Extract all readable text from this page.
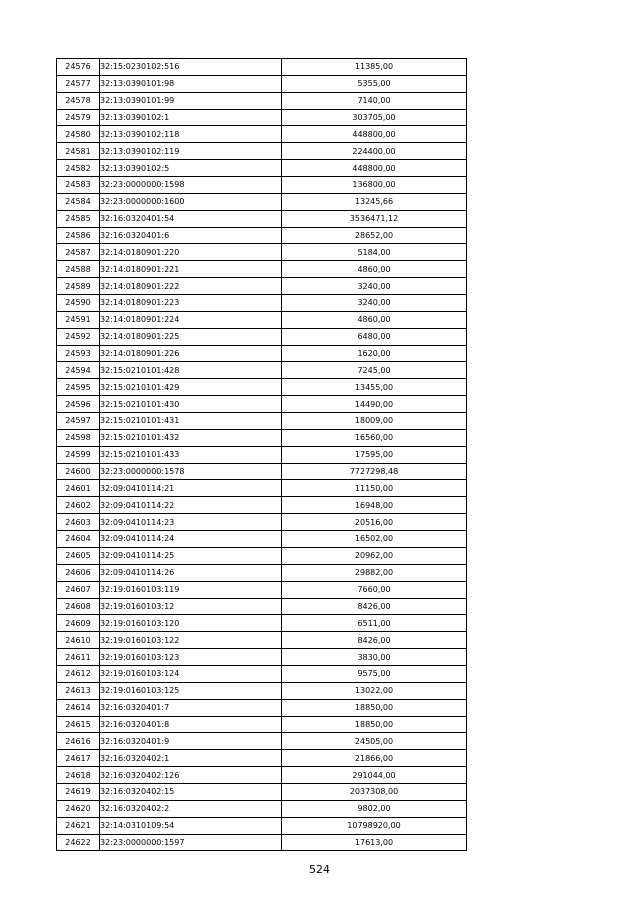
24576	32:15:0230102:516	11385,00
24577	32:13:0390101:98	5355,00
24578	32:13:0390101:99	7140,00
24579	32:13:0390102:1	303705,00
24580	32:13:0390102:118	448800,00
24581	32:13:0390102:119	224400,00
24582	32:13:0390102:5	448800,00
24583	32:23:0000000:1598	136800,00
24584	32:23:0000000:1600	13245,66
24585	32:16:0320401:54	3536471,12
24586	32:16:0320401:6	28652,00
24587	32:14:0180901:220	5184,00
24588	32:14:0180901:221	4860,00
24589	32:14:0180901:222	3240,00
24590	32:14:0180901:223	3240,00
24591	32:14:0180901:224	4860,00
24592	32:14:0180901:225	6480,00
24593	32:14:0180901:226	1620,00
24594	32:15:0210101:428	7245,00
24595	32:15:0210101:429	13455,00
24596	32:15:0210101:430	14490,00
24597	32:15:0210101:431	18009,00
24598	32:15:0210101:432	16560,00
24599	32:15:0210101:433	17595,00
24600	32:23:0000000:1578	7727298,48
24601	32:09:0410114:21	11150,00
24602	32:09:0410114:22	16948,00
24603	32:09:0410114:23	20516,00
24604	32:09:0410114:24	16502,00
24605	32:09:0410114:25	20962,00
24606	32:09:0410114:26	29882,00
24607	32:19:0160103:119	7660,00
24608	32:19:0160103:12	8426,00
24609	32:19:0160103:120	6511,00
24610	32:19:0160103:122	8426,00
24611	32:19:0160103:123	3830,00
24612	32:19:0160103:124	9575,00
24613	32:19:0160103:125	13022,00
24614	32:16:0320401:7	18850,00
24615	32:16:0320401:8	18850,00
24616	32:16:0320401:9	24505,00
24617	32:16:0320402:1	21866,00
24618	32:16:0320402:126	291044,00
24619	32:16:0320402:15	2037308,00
24620	32:16:0320402:2	9802,00
24621	32:14:0310109:54	10798920,00
24622	32:23:0000000:1597	17613,00
524
